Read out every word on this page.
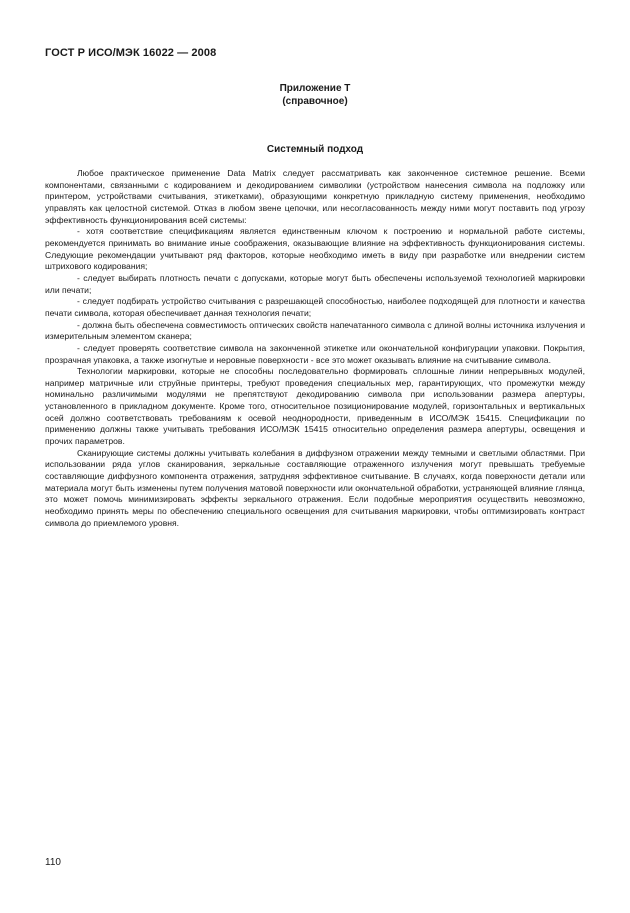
ГОСТ Р ИСО/МЭК 16022 — 2008
Приложение Т
(справочное)
Системный подход

Любое практическое применение Data Matrix следует расcматривать как законченное системное решение. Всеми компонентами, связанными с кодированием и декодированием символики (устройством нанесения символа на подложку или принтером, устройствами считывания, этикетками), образующими конкретную прикладную систему применения, необходимо управлять как целостной системой. Отказ в любом звене цепочки, или несогласованность между ними могут поставить под угрозу эффективность функционирования всей системы:

- хотя соответствие спецификациям является единственным ключом к построению и нормальной работе системы, рекомендуется принимать во внимание иные соображения, оказывающие влияние на эффективность функционирования системы. Следующие рекомендации учитывают ряд факторов, которые необходимо иметь в виду при разработке или внедрении систем штрихового кодирования;

- следует выбирать плотность печати с допусками, которые могут быть обеспечены используемой технологией маркировки или печати;

- следует подбирать устройство считывания с разрешающей способностью, наиболее подходящей для плотности и качества печати символа, которая обеспечивает данная технология печати;

- должна быть обеспечена совместимость оптических свойств напечатанного символа с длиной волны источника излучения и измерительным элементом сканера;

- следует проверять соответствие символа на законченной этикетке или окончательной конфигурации упаковки. Покрытия, прозрачная упаковка, а также изогнутые и неровные поверхности - все это может оказывать влияние на считывание символа.

Технологии маркировки, которые не способны последовательно формировать сплошные линии непрерывных модулей, например матричные или струйные принтеры, требуют проведения специальных мер, гарантирующих, что промежутки между номинально различимыми модулями не препятствуют декодированию символа при использовании размера апертуры, установленного в прикладном документе. Кроме того, относительное позиционирование модулей, горизонтальных и вертикальных осей должно соответствовать требованиям к осевой неоднородности, приведенным в ИСО/МЭК 15415. Спецификации по применению должны также учитывать требования ИСО/МЭК 15415 относительно определения размера апертуры, освещения и прочих параметров.

Сканирующие системы должны учитывать колебания в диффузном отражении между темными и светлыми областями. При использовании ряда углов сканирования, зеркальные составляющие отраженного излучения могут превышать требуемые составляющие диффузного компонента отражения, затрудняя эффективное считывание. В случаях, когда поверхности детали или материала могут быть изменены путем получения матовой поверхности или окончательной обработки, устраняющей влияние глянца, это может помочь минимизировать эффекты зеркального отражения. Если подобные мероприятия осуществить невозможно, необходимо принять меры по обеспечению специального освещения для считывания маркировки, чтобы оптимизировать контраст символа до приемлемого уровня.

110
